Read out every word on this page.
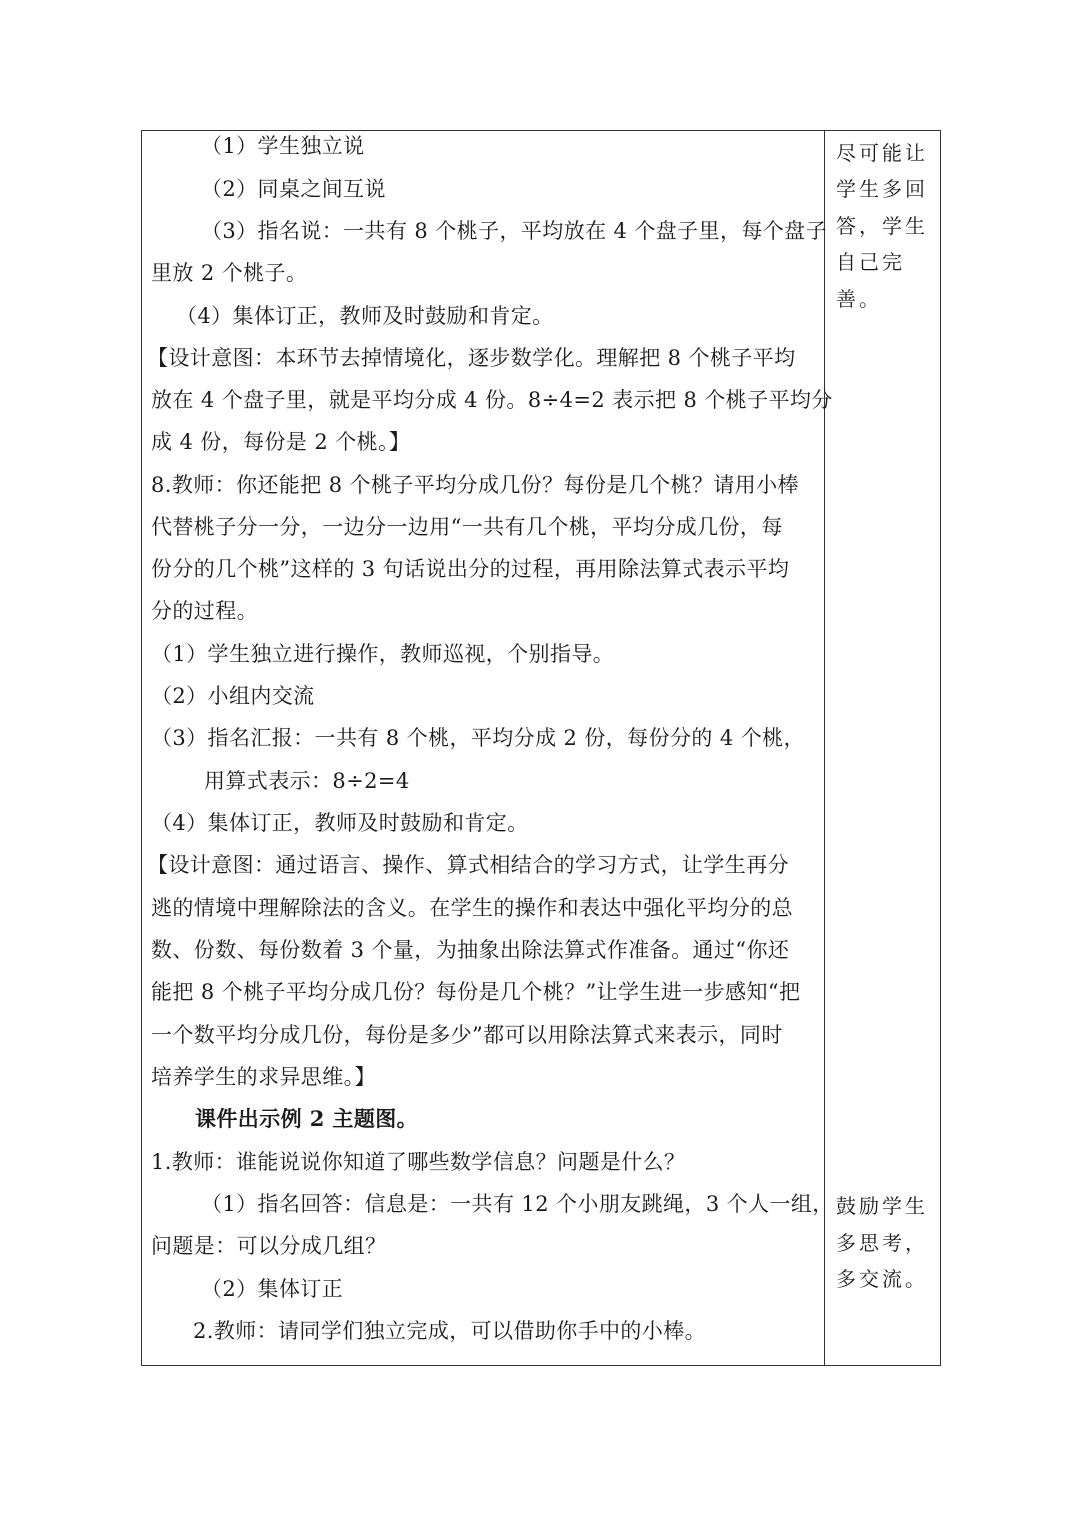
（1）学生独立说
（2）同桌之间互说
（3）指名说：一共有 8 个桃子，平均放在 4 个盘子里，每个盘子
里放 2 个桃子。
（4）集体订正，教师及时鼓励和肯定。
【设计意图：本环节去掉情境化，逐步数学化。理解把 8 个桃子平均
放在 4 个盘子里，就是平均分成 4 份。8÷4=2 表示把 8 个桃子平均分
成 4 份，每份是 2 个桃。】
8.教师：你还能把 8 个桃子平均分成几份？每份是几个桃？请用小棒
代替桃子分一分，一边分一边用“一共有几个桃，平均分成几份，每
份分的几个桃”这样的 3 句话说出分的过程，再用除法算式表示平均
分的过程。
（1）学生独立进行操作，教师巡视，个别指导。
（2）小组内交流
（3）指名汇报：一共有 8 个桃，平均分成 2 份，每份分的 4 个桃，
用算式表示：8÷2=4
（4）集体订正，教师及时鼓励和肯定。
【设计意图：通过语言、操作、算式相结合的学习方式，让学生再分
逃的情境中理解除法的含义。在学生的操作和表达中强化平均分的总
数、份数、每份数着 3 个量，为抽象出除法算式作准备。通过“你还
能把 8 个桃子平均分成几份？每份是几个桃？”让学生进一步感知“把
一个数平均分成几份，每份是多少”都可以用除法算式来表示，同时
培养学生的求异思维。】
课件出示例 2 主题图。
1.教师：谁能说说你知道了哪些数学信息？问题是什么？
（1）指名回答：信息是：一共有 12 个小朋友跳绳，3 个人一组，
问题是：可以分成几组？
（2）集体订正
2.教师：请同学们独立完成，可以借助你手中的小棒。
尽可能让
学生多回
答，学生
自己完
善。
鼓励学生
多思考，
多交流。
